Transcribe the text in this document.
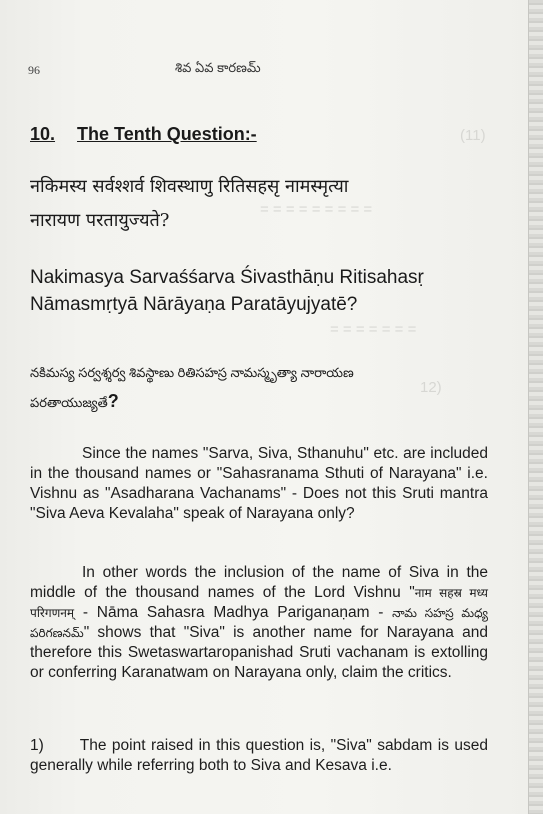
(11)
= = = = = = = = =
= = = = = = =
12)
96	శివ ఏవ కారణమ్
10. The Tenth Question:-
नकिमस्य सर्वश्शर्व शिवस्थाणु रितिसहसृ नामस्मृत्या
नारायण परतायुज्यते?
Nakimasya Sarvaśśarva Śivasthāṇu Ritisahasṛ
Nāmasmṛtyā Nārāyaṇa Paratāyujyatē?
నకిమస్య సర్వశ్శర్వ శివస్థాణు రితిసహస్ర నామస్మృత్యా నారాయణ
పరతాయుజ్యతే?
Since the names "Sarva, Siva, Sthanuhu" etc. are included in the thousand names or "Sahasranama Sthuti of Narayana" i.e. Vishnu as "Asadharana Vachanams" - Does not this Sruti mantra "Siva Aeva Kevalaha" speak of Narayana only?
In other words the inclusion of the name of Siva in the middle of the thousand names of the Lord Vishnu "नाम सहस्र मध्य परिगणनम् - Nāma Sahasra Madhya Pariganaṇam - నామ సహస్ర మధ్య పరిగణనమ్" shows that "Siva" is another name for Narayana and therefore this Swetaswartaropanishad Sruti vachanam is extolling or conferring Karanatwam on Narayana only, claim the critics.
1) The point raised in this question is, "Siva" sabdam is used generally while referring both to Siva and Kesava i.e.
